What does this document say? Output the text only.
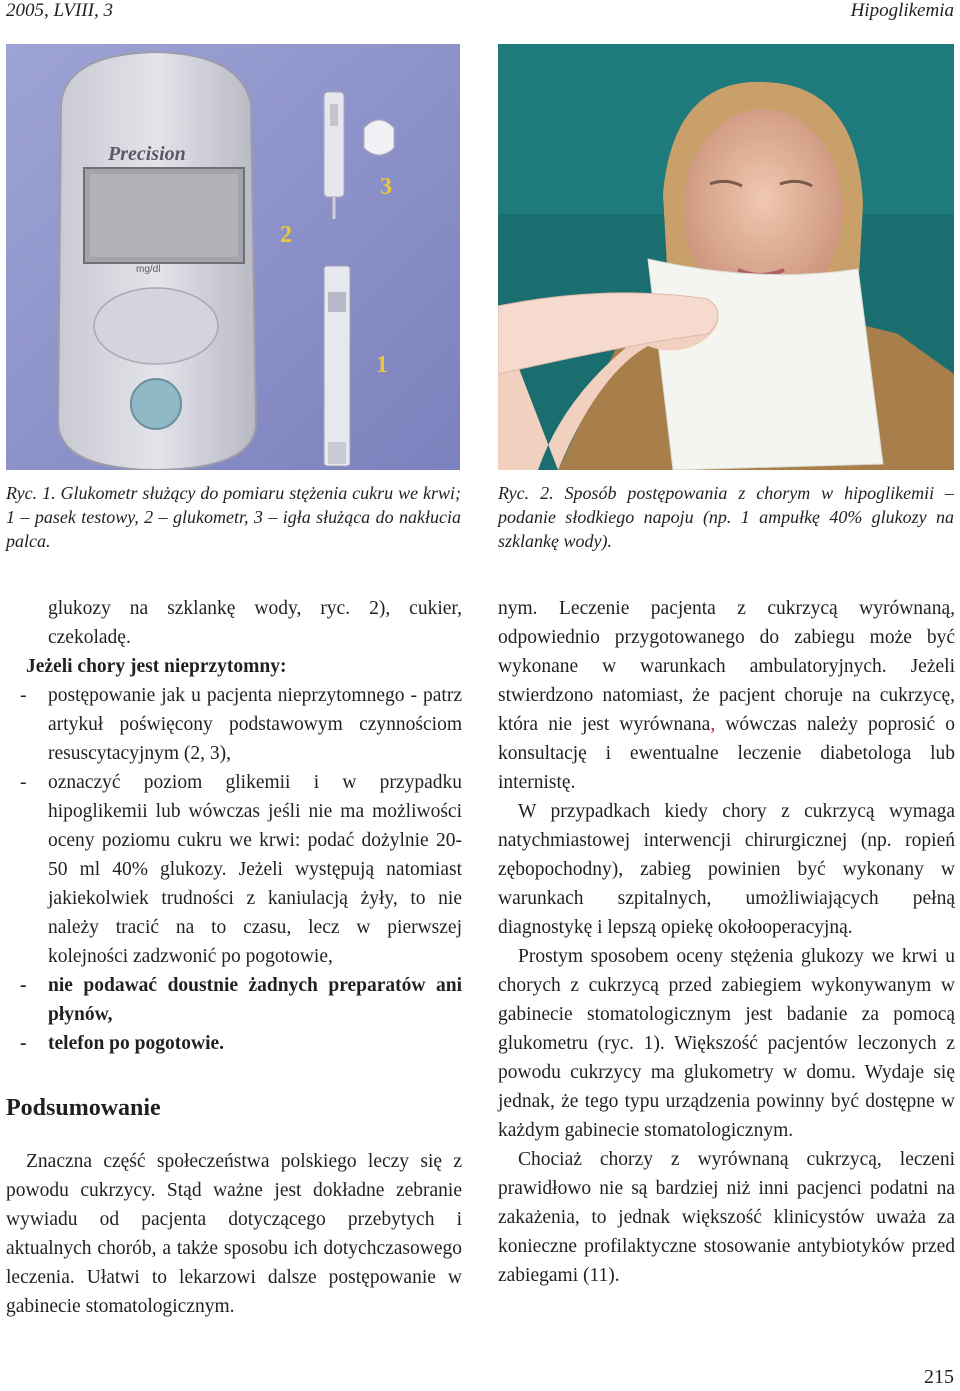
2005, LVIII, 3	Hipoglikemia
Precision
mg/dl
3
2
1
Ryc. 1. Glukometr służący do pomiaru stężenia cukru we krwi; 1 – pasek testowy, 2 – glukometr, 3 – igła służąca do nakłucia palca.
Ryc. 2. Sposób postępowania z chorym w hipoglikemii – podanie słodkiego napoju (np. 1 ampułkę 40% glukozy na szklankę wody).

glukozy na szklankę wody, ryc. 2), cukier, czekoladę.

Jeżeli chory jest nieprzytomny:

- postępowanie jak u pacjenta nieprzytomnego - patrz artykuł poświęcony podstawowym czynnościom resuscytacyjnym (2, 3),
- oznaczyć poziom glikemii i w przypadku hipoglikemii lub wówczas jeśli nie ma możliwości oceny poziomu cukru we krwi: podać dożylnie 20-50 ml 40% glukozy. Jeżeli występują natomiast jakiekolwiek trudności z kaniulacją żyły, to nie należy tracić na to czasu, lecz w pierwszej kolejności zadzwonić po pogotowie,
- nie podawać doustnie żadnych preparatów ani płynów,
- telefon po pogotowie.
Podsumowanie

Znaczna część społeczeństwa polskiego leczy się z powodu cukrzycy. Stąd ważne jest dokładne zebranie wywiadu od pacjenta dotyczącego przebytych i aktualnych chorób, a także sposobu ich dotychczasowego leczenia. Ułatwi to lekarzowi dalsze postępowanie w gabinecie stomatologicznym.

nym. Leczenie pacjenta z cukrzycą wyrównaną, odpowiednio przygotowanego do zabiegu może być wykonane w warunkach ambulatoryjnych. Jeżeli stwierdzono natomiast, że pacjent choruje na cukrzycę, która nie jest wyrównana, wówczas należy poprosić o konsultację i ewentualne leczenie diabetologa lub internistę.

W przypadkach kiedy chory z cukrzycą wymaga natychmiastowej interwencji chirurgicznej (np. ropień zębopochodny), zabieg powinien być wykonany w warunkach szpitalnych, umożliwiających pełną diagnostykę i lepszą opiekę okołooperacyjną.

Prostym sposobem oceny stężenia glukozy we krwi u chorych z cukrzycą przed zabiegiem wykonywanym w gabinecie stomatologicznym jest badanie za pomocą glukometru (ryc. 1). Większość pacjentów leczonych z powodu cukrzycy ma glukometry w domu. Wydaje się jednak, że tego typu urządzenia powinny być dostępne w każdym gabinecie stomatologicznym.

Chociaż chorzy z wyrównaną cukrzycą, leczeni prawidłowo nie są bardziej niż inni pacjenci podatni na zakażenia, to jednak większość klinicystów uważa za konieczne profilaktyczne stosowanie antybiotyków przed zabiegami (11).

215
